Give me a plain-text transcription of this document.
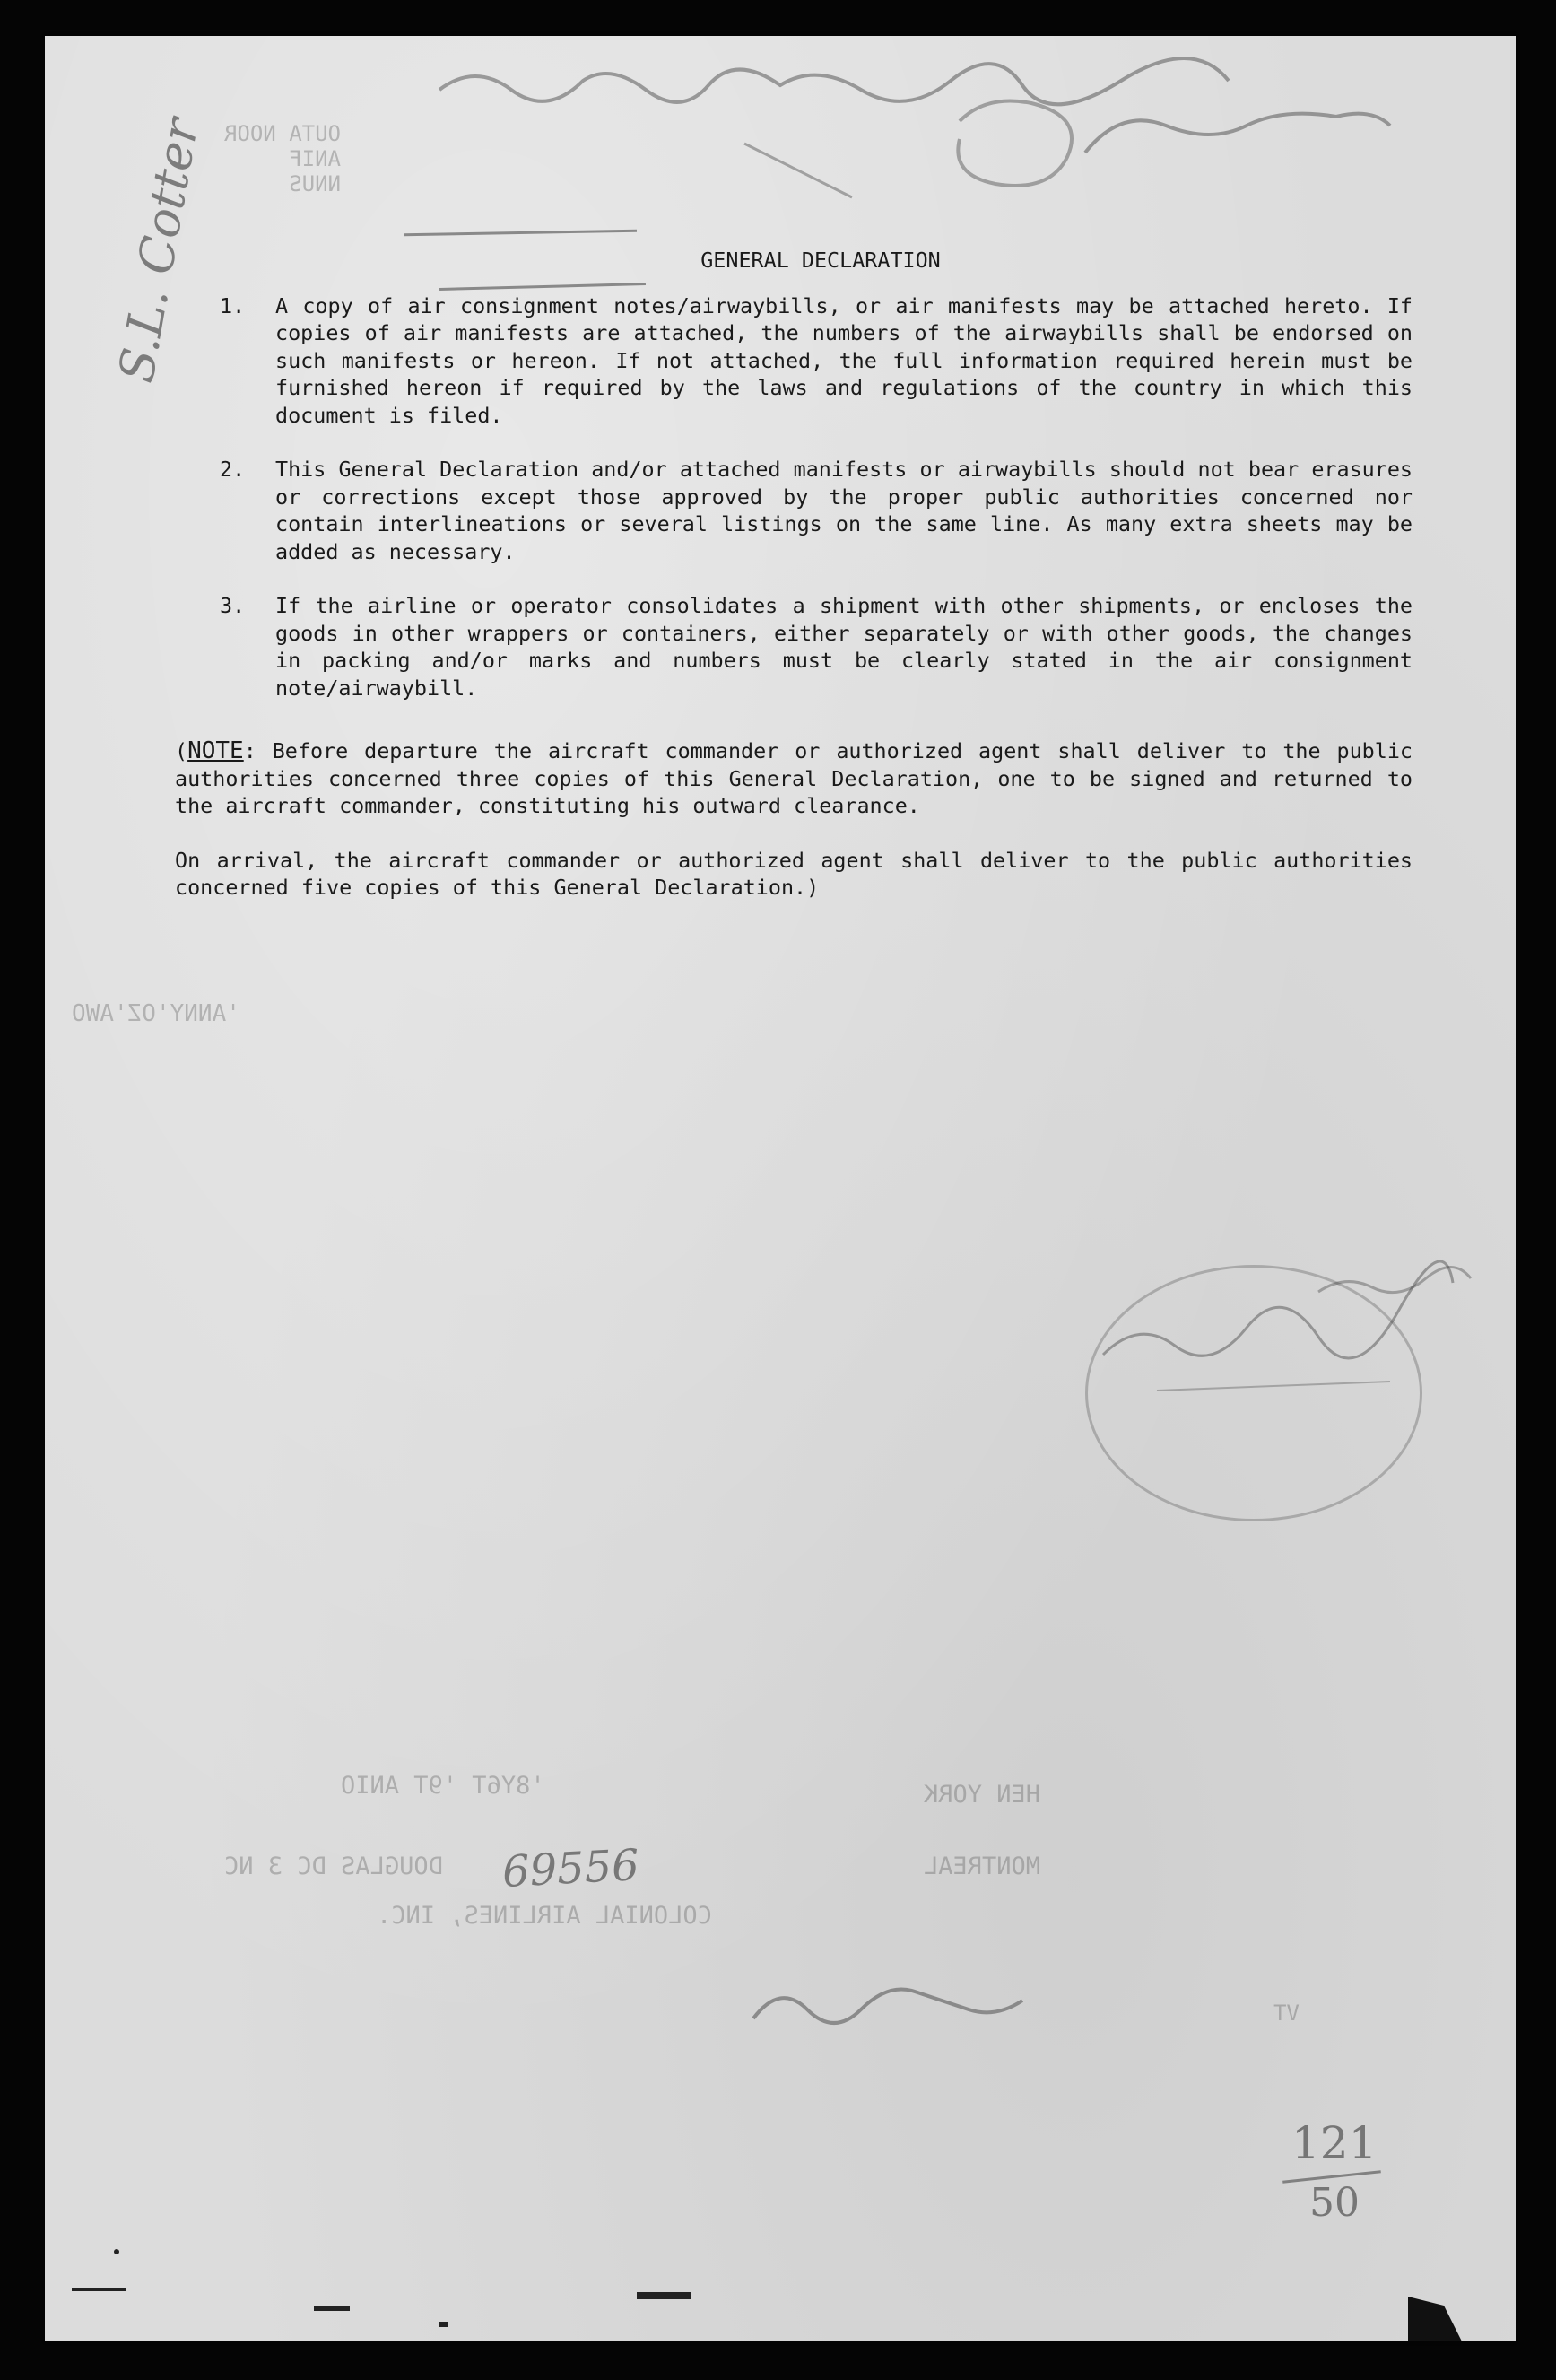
OUTA NOOR
ANIF
NNUS
'ANNY'OZ'AWO
'8Y6T '9T ANIO	HEN YORK
DOUGLAS DC 3 NC	MONTREAL
COLONIAL AIRLINES, INC.
VT
S.L. Cotter	GENERAL DECLARATION
1.	A copy of air consignment notes/airwaybills, or air manifests may be attached hereto. If copies of air manifests are attached, the numbers of the airwaybills shall be endorsed on such manifests or hereon. If not attached, the full information required herein must be furnished hereon if required by the laws and regulations of the country in which this document is filed.
2.	This General Declaration and/or attached manifests or airwaybills should not bear erasures or corrections except those approved by the proper public authorities concerned nor contain interlineations or several listings on the same line. As many extra sheets may be added as necessary.
3.	If the airline or operator consolidates a shipment with other shipments, or encloses the goods in other wrappers or containers, either separately or with other goods, the changes in packing and/or marks and numbers must be clearly stated in the air consignment note/airwaybill.
(NOTE: Before departure the aircraft commander or authorized agent shall deliver to the public authorities concerned three copies of this General Declaration, one to be signed and returned to the aircraft commander, constituting his outward clearance.
On arrival, the aircraft commander or authorized agent shall deliver to the public authorities concerned five copies of this General Declaration.)
69556
121
50
